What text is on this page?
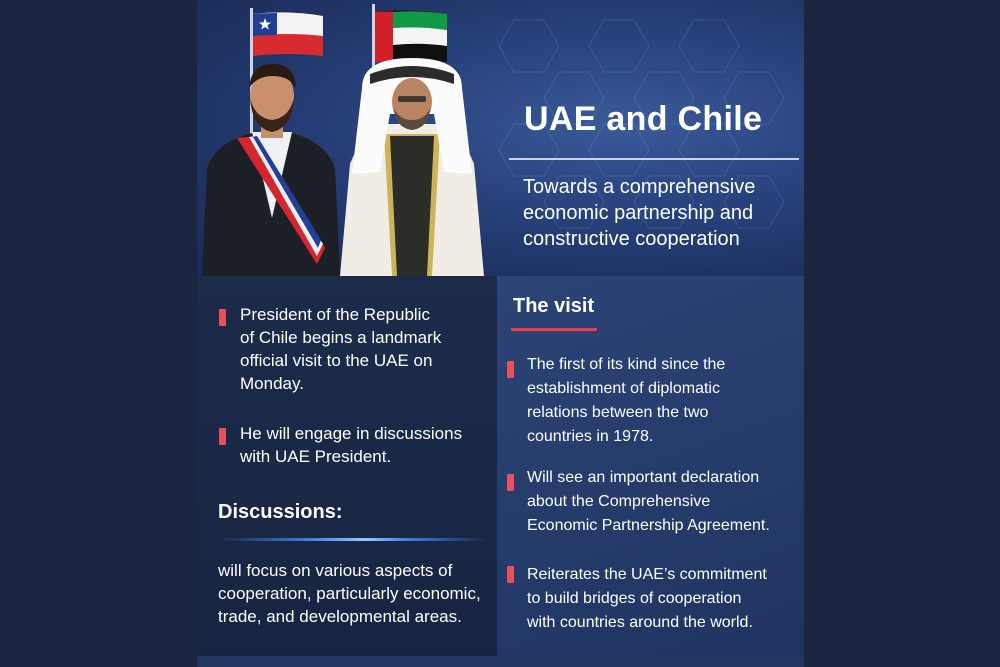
UAE and Chile
Towards a comprehensive
economic partnership and
constructive cooperation
President of the Republic
of Chile begins a landmark
official visit to the UAE on
Monday.
He will engage in discussions
with UAE President.
Discussions:
will focus on various aspects of
cooperation, particularly economic,
trade, and developmental areas.
The visit
The first of its kind since the
establishment of diplomatic
relations between the two
countries in 1978.
Will see an important declaration
about the Comprehensive
Economic Partnership Agreement.
Reiterates the UAE’s commitment
to build bridges of cooperation
with countries around the world.
